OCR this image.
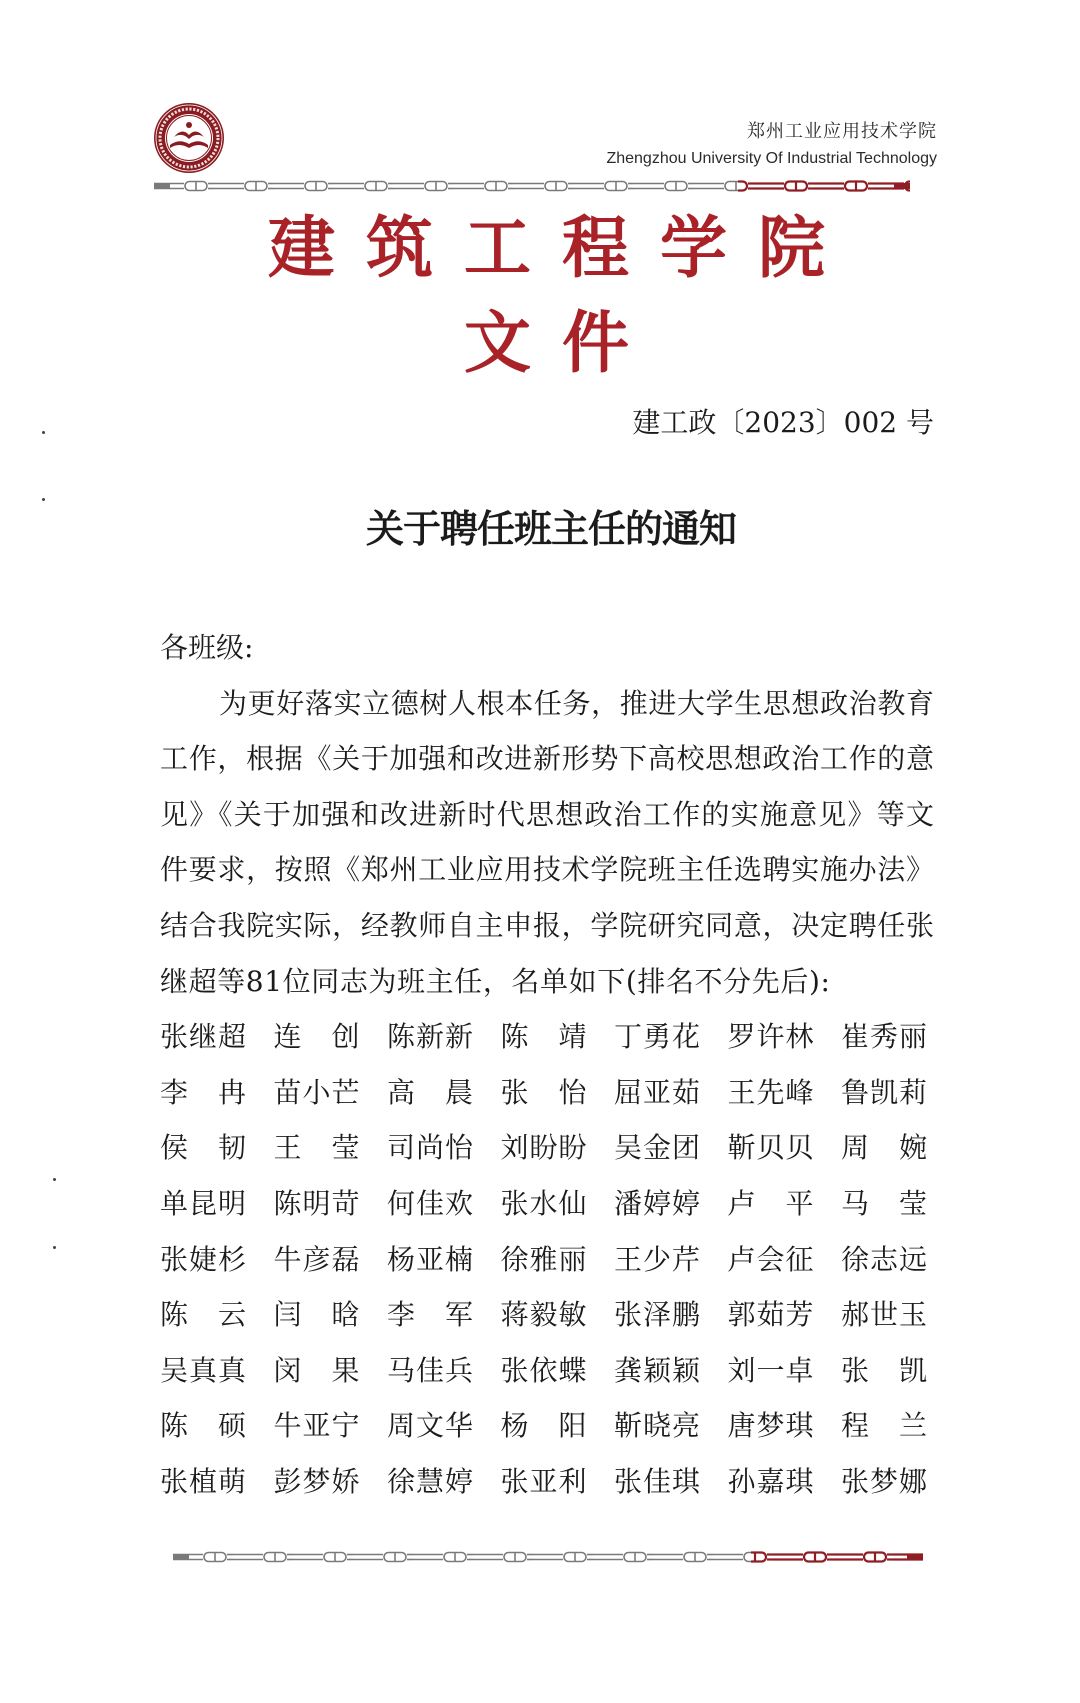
郑州工业应用技术学院
Zhengzhou University Of Industrial Technology
建筑工程学院
文件
建工政〔2023〕002 号
关于聘任班主任的通知
各班级:
为更好落实立德树人根本任务，推进大学生思想政治教育
工作，根据《关于加强和改进新形势下高校思想政治工作的意
见》《关于加强和改进新时代思想政治工作的实施意见》等文
件要求，按照《郑州工业应用技术学院班主任选聘实施办法》
结合我院实际，经教师自主申报，学院研究同意，决定聘任张
继超等81位同志为班主任，名单如下(排名不分先后):
张继超 连 创 陈新新 陈 靖 丁勇花 罗许林 崔秀丽
李 冉 苗小芒 高 晨 张 怡 屈亚茹 王先峰 鲁凯莉
侯 韧 王 莹 司尚怡 刘盼盼 吴金团 靳贝贝 周 婉
单昆明 陈明苛 何佳欢 张水仙 潘婷婷 卢 平 马 莹
张婕杉 牛彦磊 杨亚楠 徐雅丽 王少芹 卢会征 徐志远
陈 云 闫 晗 李 军 蒋毅敏 张泽鹏 郭茹芳 郝世玉
吴真真 闵 果 马佳兵 张依蝶 龚颖颖 刘一卓 张 凯
陈 硕 牛亚宁 周文华 杨 阳 靳晓亮 唐梦琪 程 兰
张植萌 彭梦娇 徐慧婷 张亚利 张佳琪 孙嘉琪 张梦娜
